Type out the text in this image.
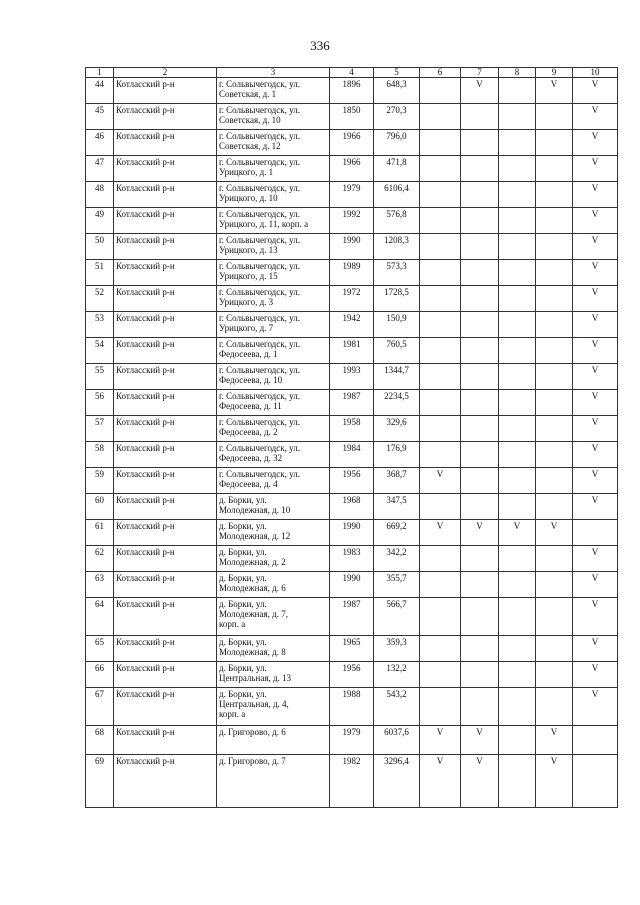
336
1	2	3	4	5	6	7	8	9	10
44	Котласский р-н	г. Сольвычегодск, ул.
Советская, д. 1	1896	648,3		V		V	V
45	Котласский р-н	г. Сольвычегодск, ул.
Советская, д. 10	1850	270,3					V
46	Котласский р-н	г. Сольвычегодск, ул.
Советская, д. 12	1966	796,0					V
47	Котласский р-н	г. Сольвычегодск, ул.
Урицкого, д. 1	1966	471,8					V
48	Котласский р-н	г. Сольвычегодск, ул.
Урицкого, д. 10	1979	6106,4					V
49	Котласский р-н	г. Сольвычегодск, ул.
Урицкого, д. 11, корп. а	1992	576,8					V
50	Котласский р-н	г. Сольвычегодск, ул.
Урицкого, д. 13	1990	1208,3					V
51	Котласский р-н	г. Сольвычегодск, ул.
Урицкого, д. 15	1989	573,3					V
52	Котласский р-н	г. Сольвычегодск, ул.
Урицкого, д. 3	1972	1728,5					V
53	Котласский р-н	г. Сольвычегодск, ул.
Урицкого, д. 7	1942	150,9					V
54	Котласский р-н	г. Сольвычегодск, ул.
Федосеева, д. 1	1981	760,5					V
55	Котласский р-н	г. Сольвычегодск, ул.
Федосеева, д. 10	1993	1344,7					V
56	Котласский р-н	г. Сольвычегодск, ул.
Федосеева, д. 11	1987	2234,5					V
57	Котласский р-н	г. Сольвычегодск, ул.
Федосеева, д. 2	1958	329,6					V
58	Котласский р-н	г. Сольвычегодск, ул.
Федосеева, д. 32	1984	176,9					V
59	Котласский р-н	г. Сольвычегодск, ул.
Федосеева, д. 4	1956	368,7	V				V
60	Котласский р-н	д. Борки, ул.
Молодежная, д. 10	1968	347,5					V
61	Котласский р-н	д. Борки, ул.
Молодежная, д. 12	1990	669,2	V	V	V	V	
62	Котласский р-н	д. Борки, ул.
Молодежная, д. 2	1983	342,2					V
63	Котласский р-н	д. Борки, ул.
Молодежная, д. 6	1990	355,7					V
64	Котласский р-н	д. Борки, ул.
Молодежная, д. 7,
корп. а	1987	566,7					V
65	Котласский р-н	д. Борки, ул.
Молодежная, д. 8	1965	359,3					V
66	Котласский р-н	д. Борки, ул.
Центральная, д. 13	1956	132,2					V
67	Котласский р-н	д. Борки, ул.
Центральная, д. 4,
корп. а	1988	543,2					V
68	Котласский р-н	д. Григорово, д. 6	1979	6037,6	V	V		V	
69	Котласский р-н	д. Григорово, д. 7	1982	3296,4	V	V		V	
